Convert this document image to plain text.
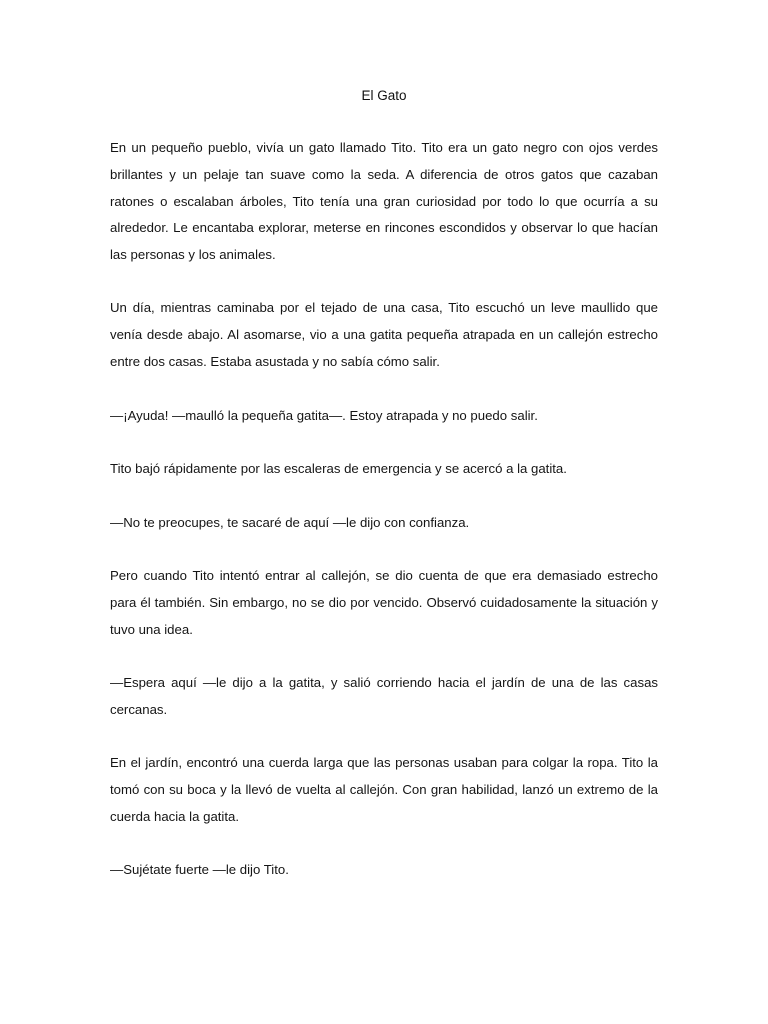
El Gato

En un pequeño pueblo, vivía un gato llamado Tito. Tito era un gato negro con ojos verdes brillantes y un pelaje tan suave como la seda. A diferencia de otros gatos que cazaban ratones o escalaban árboles, Tito tenía una gran curiosidad por todo lo que ocurría a su alrededor. Le encantaba explorar, meterse en rincones escondidos y observar lo que hacían las personas y los animales.

Un día, mientras caminaba por el tejado de una casa, Tito escuchó un leve maullido que venía desde abajo. Al asomarse, vio a una gatita pequeña atrapada en un callejón estrecho entre dos casas. Estaba asustada y no sabía cómo salir.

—¡Ayuda! —maulló la pequeña gatita—. Estoy atrapada y no puedo salir.

Tito bajó rápidamente por las escaleras de emergencia y se acercó a la gatita.

—No te preocupes, te sacaré de aquí —le dijo con confianza.

Pero cuando Tito intentó entrar al callejón, se dio cuenta de que era demasiado estrecho para él también. Sin embargo, no se dio por vencido. Observó cuidadosamente la situación y tuvo una idea.

—Espera aquí —le dijo a la gatita, y salió corriendo hacia el jardín de una de las casas cercanas.

En el jardín, encontró una cuerda larga que las personas usaban para colgar la ropa. Tito la tomó con su boca y la llevó de vuelta al callejón. Con gran habilidad, lanzó un extremo de la cuerda hacia la gatita.

—Sujétate fuerte —le dijo Tito.
